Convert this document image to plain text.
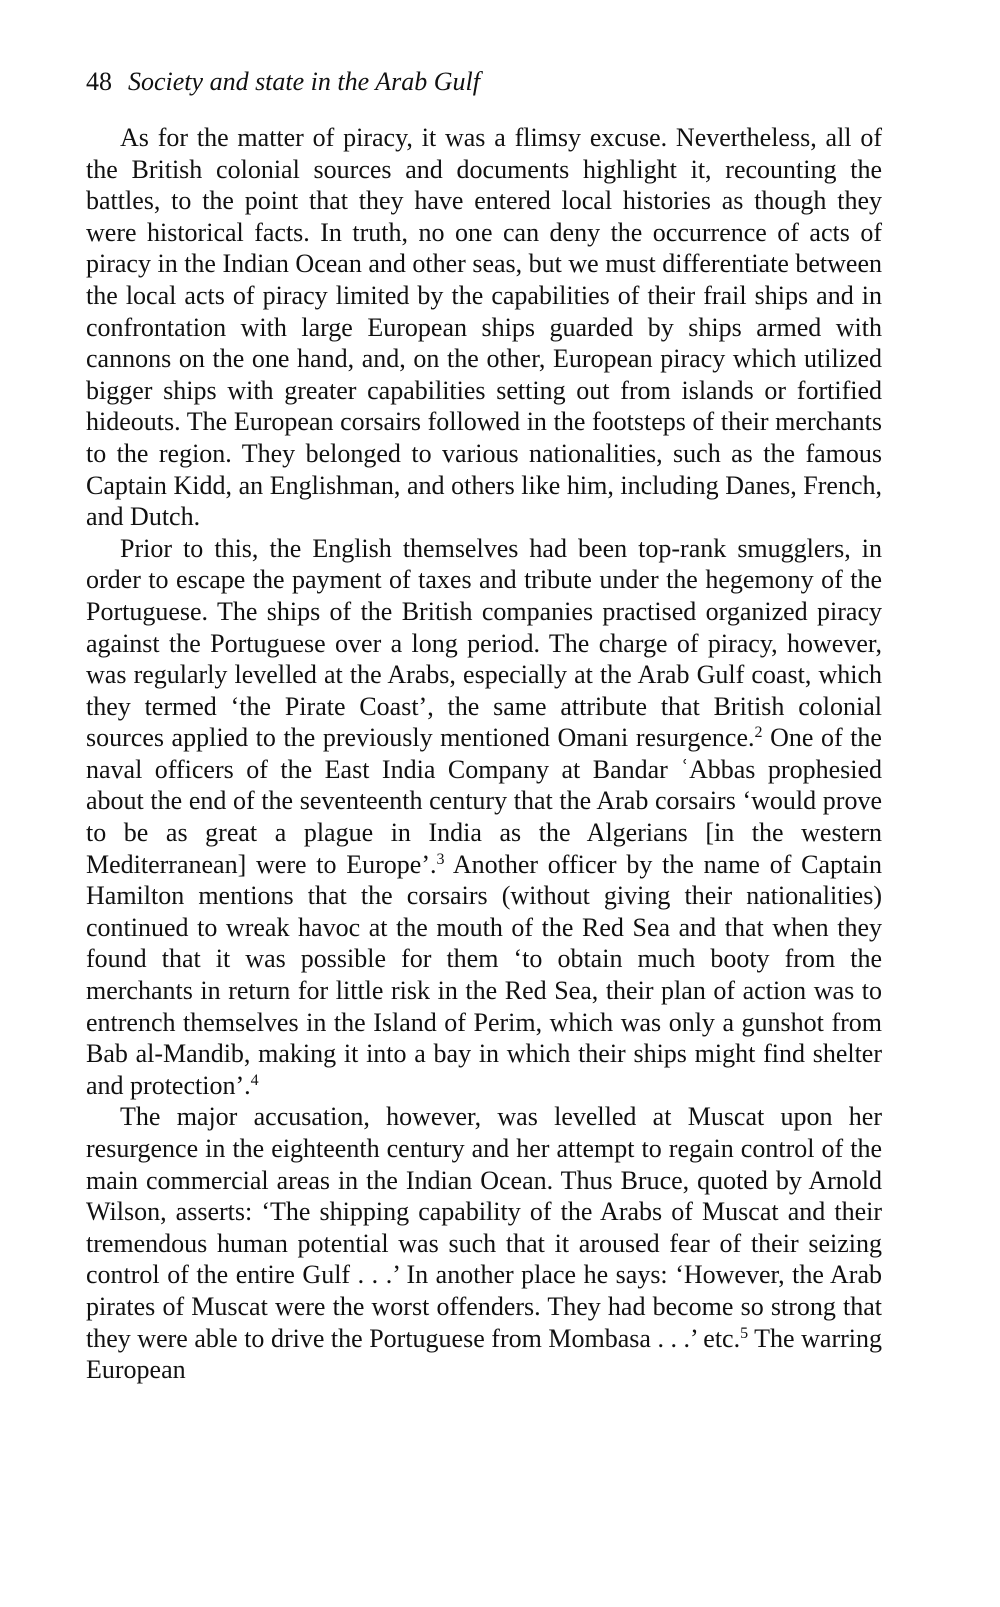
48 Society and state in the Arab Gulf

As for the matter of piracy, it was a flimsy excuse. Nevertheless, all of the British colonial sources and documents highlight it, recounting the battles, to the point that they have entered local histories as though they were historical facts. In truth, no one can deny the occurrence of acts of piracy in the Indian Ocean and other seas, but we must differentiate between the local acts of piracy limited by the capabilities of their frail ships and in confrontation with large European ships guarded by ships armed with cannons on the one hand, and, on the other, European piracy which utilized bigger ships with greater capabilities setting out from islands or fortified hideouts. The European corsairs followed in the footsteps of their merchants to the region. They belonged to various nationalities, such as the famous Captain Kidd, an Englishman, and others like him, including Danes, French, and Dutch.

Prior to this, the English themselves had been top-rank smugglers, in order to escape the payment of taxes and tribute under the hegemony of the Portuguese. The ships of the British companies practised organized piracy against the Portuguese over a long period. The charge of piracy, however, was regularly levelled at the Arabs, especially at the Arab Gulf coast, which they termed ‘the Pirate Coast’, the same attribute that British colonial sources applied to the previously mentioned Omani resurgence.$^2$ One of the naval officers of the East India Company at Bandar ʿAbbas prophesied about the end of the seventeenth century that the Arab corsairs ‘would prove to be as great a plague in India as the Algerians [in the western Mediterranean] were to Europe’.$^3$ Another officer by the name of Captain Hamilton mentions that the corsairs (without giving their nationalities) continued to wreak havoc at the mouth of the Red Sea and that when they found that it was possible for them ‘to obtain much booty from the merchants in return for little risk in the Red Sea, their plan of action was to entrench themselves in the Island of Perim, which was only a gunshot from Bab al-Mandib, making it into a bay in which their ships might find shelter and protection’.$^4$

The major accusation, however, was levelled at Muscat upon her resurgence in the eighteenth century and her attempt to regain control of the main commercial areas in the Indian Ocean. Thus Bruce, quoted by Arnold Wilson, asserts: ‘The shipping capability of the Arabs of Muscat and their tremendous human potential was such that it aroused fear of their seizing control of the entire Gulf . . .’ In another place he says: ‘However, the Arab pirates of Muscat were the worst offenders. They had become so strong that they were able to drive the Portuguese from Mombasa . . .’ etc.$^5$ The warring European
